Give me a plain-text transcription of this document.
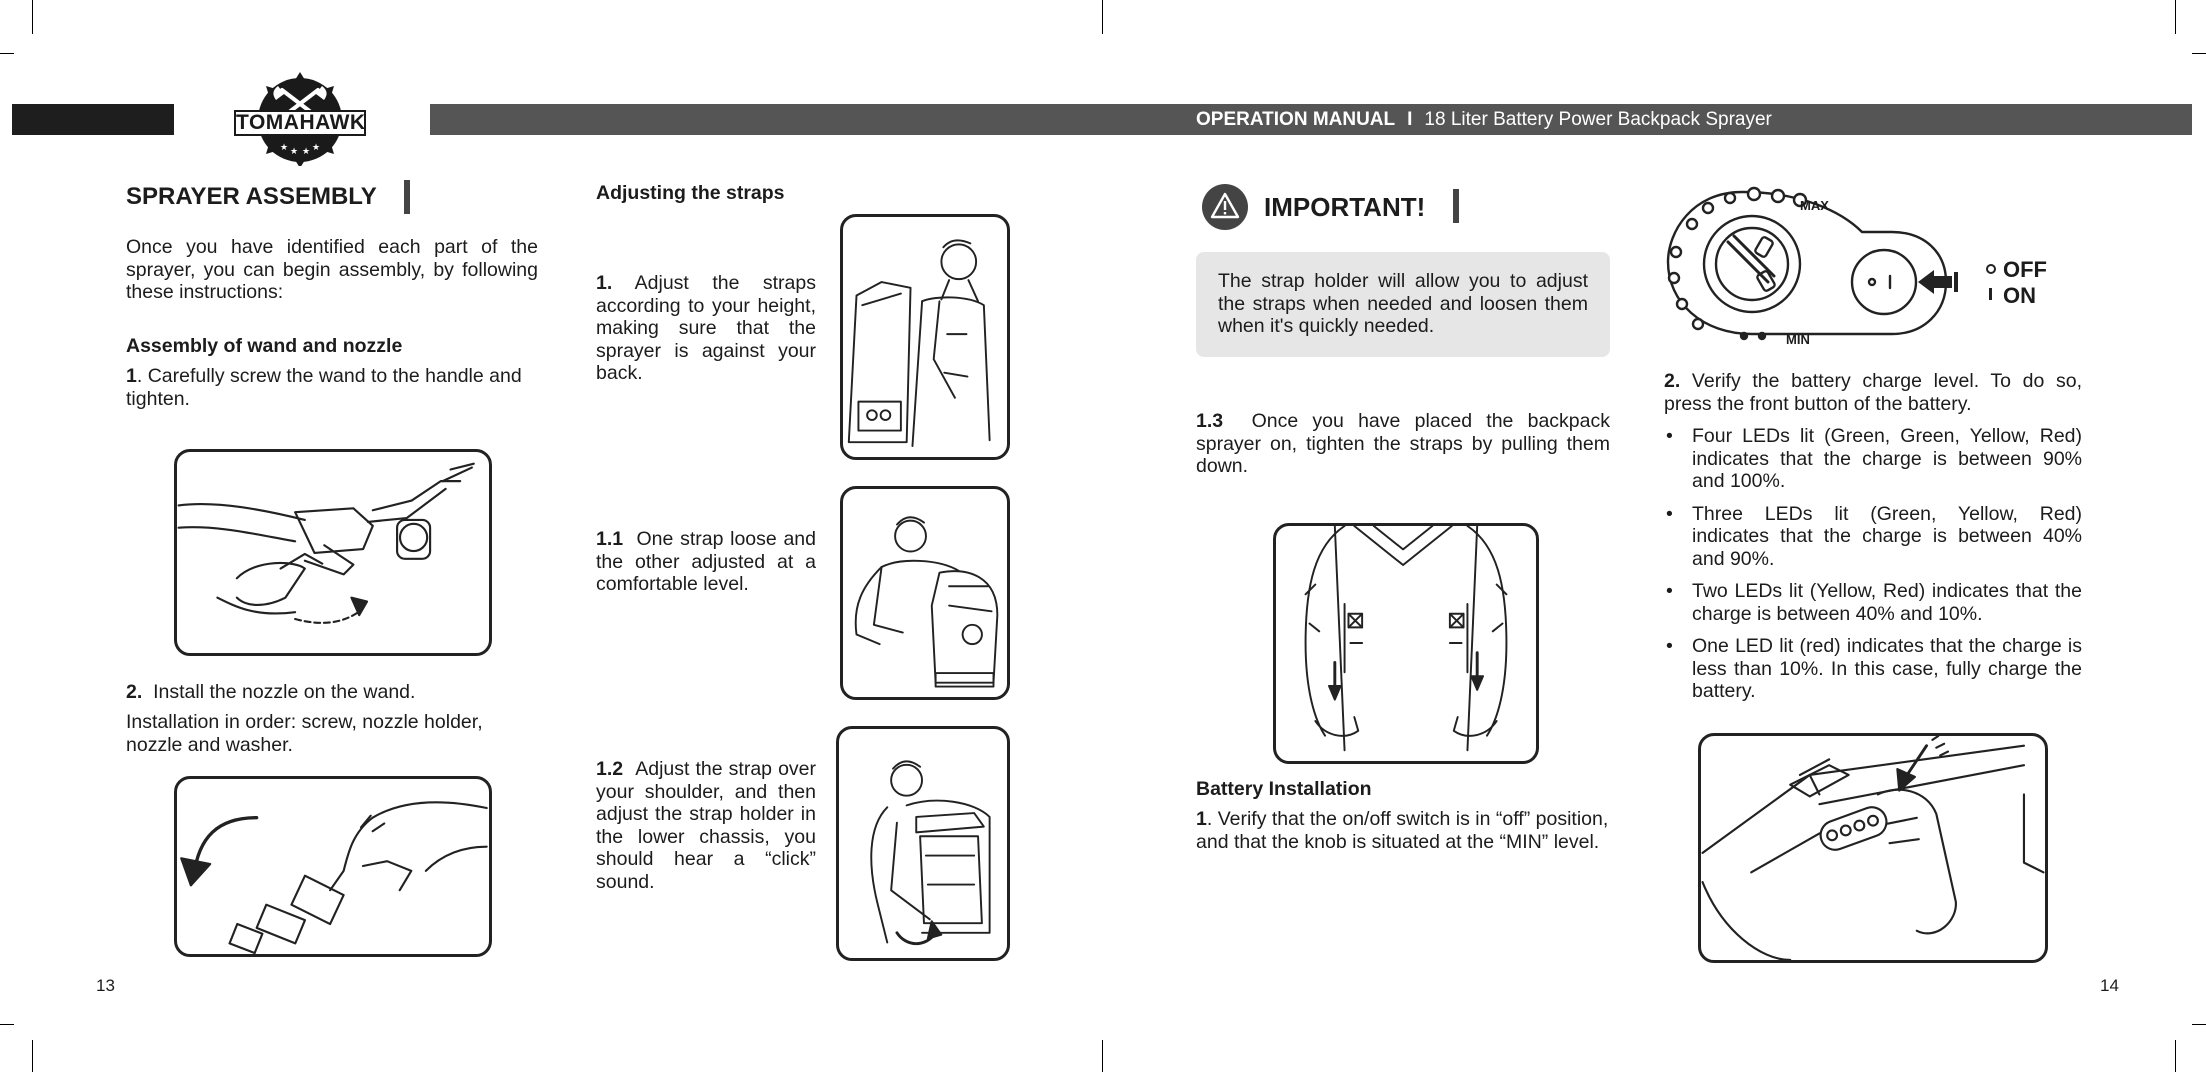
OPERATION MANUAL I 18 Liter Battery Power Backpack Sprayer
★ ★ ★ ★
TOMAHAWK
SPRAYER ASSEMBLY
Once you have identified each part of the sprayer, you can begin assembly, by following these instructions:
Assembly of wand and nozzle
1. Carefully screw the wand to the handle and tighten.
2. Install the nozzle on the wand.
Installation in order: screw, nozzle holder, nozzle and washer.
13
Adjusting the straps
1. Adjust the straps according to your height, making sure that the sprayer is against your back.
1.1 One strap loose and the other adjusted at a comfortable level.
1.2 Adjust the strap over your shoulder, and then adjust the strap holder in the lower chassis, you should hear a “click” sound.
IMPORTANT!
The strap holder will allow you to adjust the straps when needed and loosen them when it's quickly needed.
1.3 Once you have placed the backpack sprayer on, tighten the straps by pulling them down.
Battery Installation
1. Verify that the on/off switch is in “off” position, and that the knob is situated at the “MIN” level.
MAX
MIN
OFF
ON
2. Verify the battery charge level. To do so, press the front button of the battery.
• Four LEDs lit (Green, Green, Yellow, Red) indicates that the charge is between 90% and 100%.
• Three LEDs lit (Green, Yellow, Red) indicates that the charge is between 40% and 90%.
• Two LEDs lit (Yellow, Red) indicates that the charge is between 40% and 10%.
• One LED lit (red) indicates that the charge is less than 10%. In this case, fully charge the battery.
14
